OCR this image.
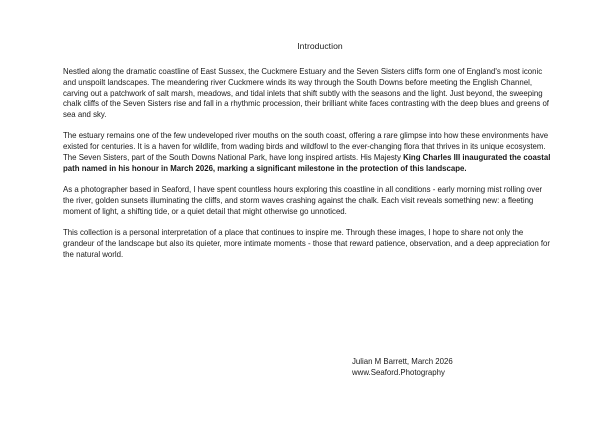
Introduction

Nestled along the dramatic coastline of East Sussex, the Cuckmere Estuary and the Seven Sisters cliffs form one of England's most iconic and unspoilt landscapes. The meandering river Cuckmere winds its way through the South Downs before meeting the English Channel, carving out a patchwork of salt marsh, meadows, and tidal inlets that shift subtly with the seasons and the light. Just beyond, the sweeping chalk cliffs of the Seven Sisters rise and fall in a rhythmic procession, their brilliant white faces contrasting with the deep blues and greens of sea and sky.

The estuary remains one of the few undeveloped river mouths on the south coast, offering a rare glimpse into how these environments have existed for centuries. It is a haven for wildlife, from wading birds and wildfowl to the ever-changing flora that thrives in its unique ecosystem. The Seven Sisters, part of the South Downs National Park, have long inspired artists. His Majesty King Charles III inaugurated the coastal path named in his honour in March 2026, marking a significant milestone in the protection of this landscape.

As a photographer based in Seaford, I have spent countless hours exploring this coastline in all conditions - early morning mist rolling over the river, golden sunsets illuminating the cliffs, and storm waves crashing against the chalk. Each visit reveals something new: a fleeting moment of light, a shifting tide, or a quiet detail that might otherwise go unnoticed.

This collection is a personal interpretation of a place that continues to inspire me. Through these images, I hope to share not only the grandeur of the landscape but also its quieter, more intimate moments - those that reward patience, observation, and a deep appreciation for the natural world.

Julian M Barrett, March 2026
www.Seaford.Photography
